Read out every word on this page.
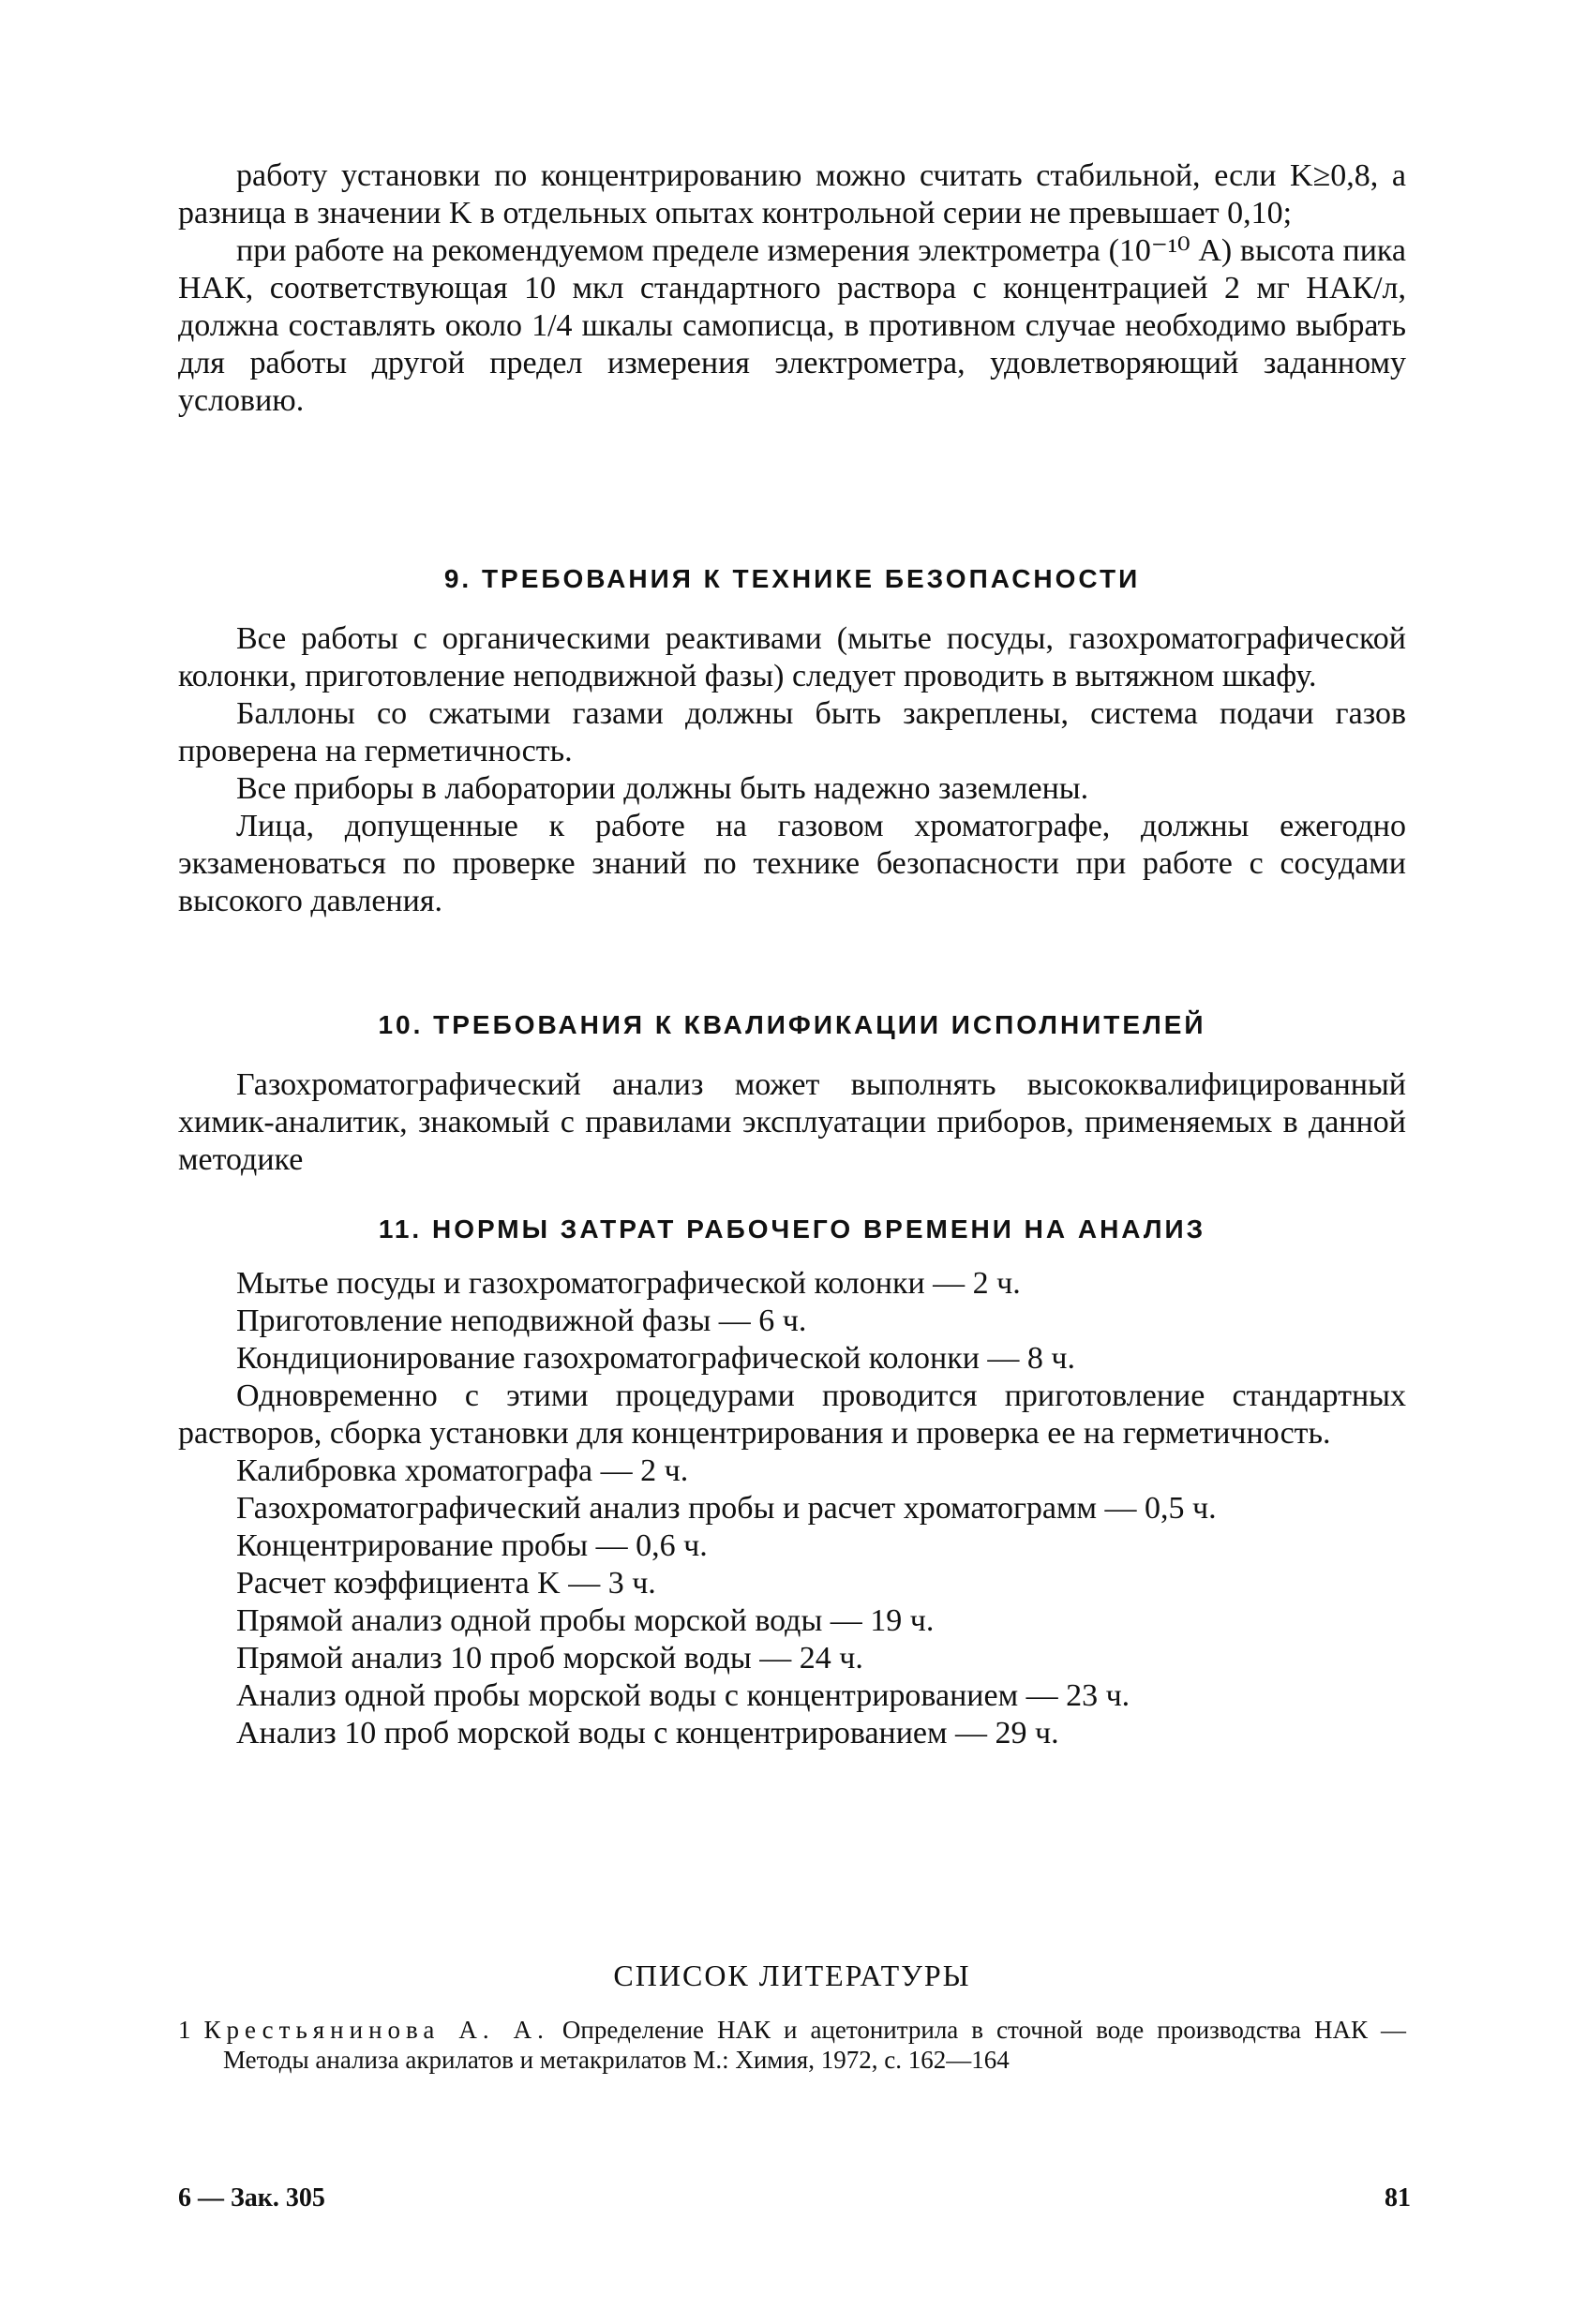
работу установки по концентрированию можно считать стабильной, если K≥0,8, а разница в значении K в отдельных опытах контрольной серии не превышает 0,10;

при работе на рекомендуемом пределе измерения электрометра (10⁻¹⁰ А) высота пика НАК, соответствующая 10 мкл стандартного раствора с концентрацией 2 мг НАК/л, должна составлять около 1/4 шкалы самописца, в противном случае необходимо выбрать для работы другой предел измерения электрометра, удовлетворяющий заданному условию.

9. ТРЕБОВАНИЯ К ТЕХНИКЕ БЕЗОПАСНОСТИ

Все работы с органическими реактивами (мытье посуды, газохроматографической колонки, приготовление неподвижной фазы) следует проводить в вытяжном шкафу.

Баллоны со сжатыми газами должны быть закреплены, система подачи газов проверена на герметичность.

Все приборы в лаборатории должны быть надежно заземлены.

Лица, допущенные к работе на газовом хроматографе, должны ежегодно экзаменоваться по проверке знаний по технике безопасности при работе с сосудами высокого давления.

10. ТРЕБОВАНИЯ К КВАЛИФИКАЦИИ ИСПОЛНИТЕЛЕЙ

Газохроматографический анализ может выполнять высококвалифицированный химик-аналитик, знакомый с правилами эксплуатации приборов, применяемых в данной методике

11. НОРМЫ ЗАТРАТ РАБОЧЕГО ВРЕМЕНИ НА АНАЛИЗ

Мытье посуды и газохроматографической колонки — 2 ч.

Приготовление неподвижной фазы — 6 ч.

Кондиционирование газохроматографической колонки — 8 ч.

Одновременно с этими процедурами проводится приготовление стандартных растворов, сборка установки для концентрирования и проверка ее на герметичность.

Калибровка хроматографа — 2 ч.

Газохроматографический анализ пробы и расчет хроматограмм — 0,5 ч.

Концентрирование пробы — 0,6 ч.

Расчет коэффициента K — 3 ч.

Прямой анализ одной пробы морской воды — 19 ч.

Прямой анализ 10 проб морской воды — 24 ч.

Анализ одной пробы морской воды с концентрированием — 23 ч.

Анализ 10 проб морской воды с концентрированием — 29 ч.

СПИСОК ЛИТЕРАТУРЫ

1 Крестьянинова А. А. Определение НАК и ацетонитрила в сточной воде производства НАК — Методы анализа акрилатов и метакрилатов М.: Химия, 1972, с. 162—164

6 — Зак. 305	81
